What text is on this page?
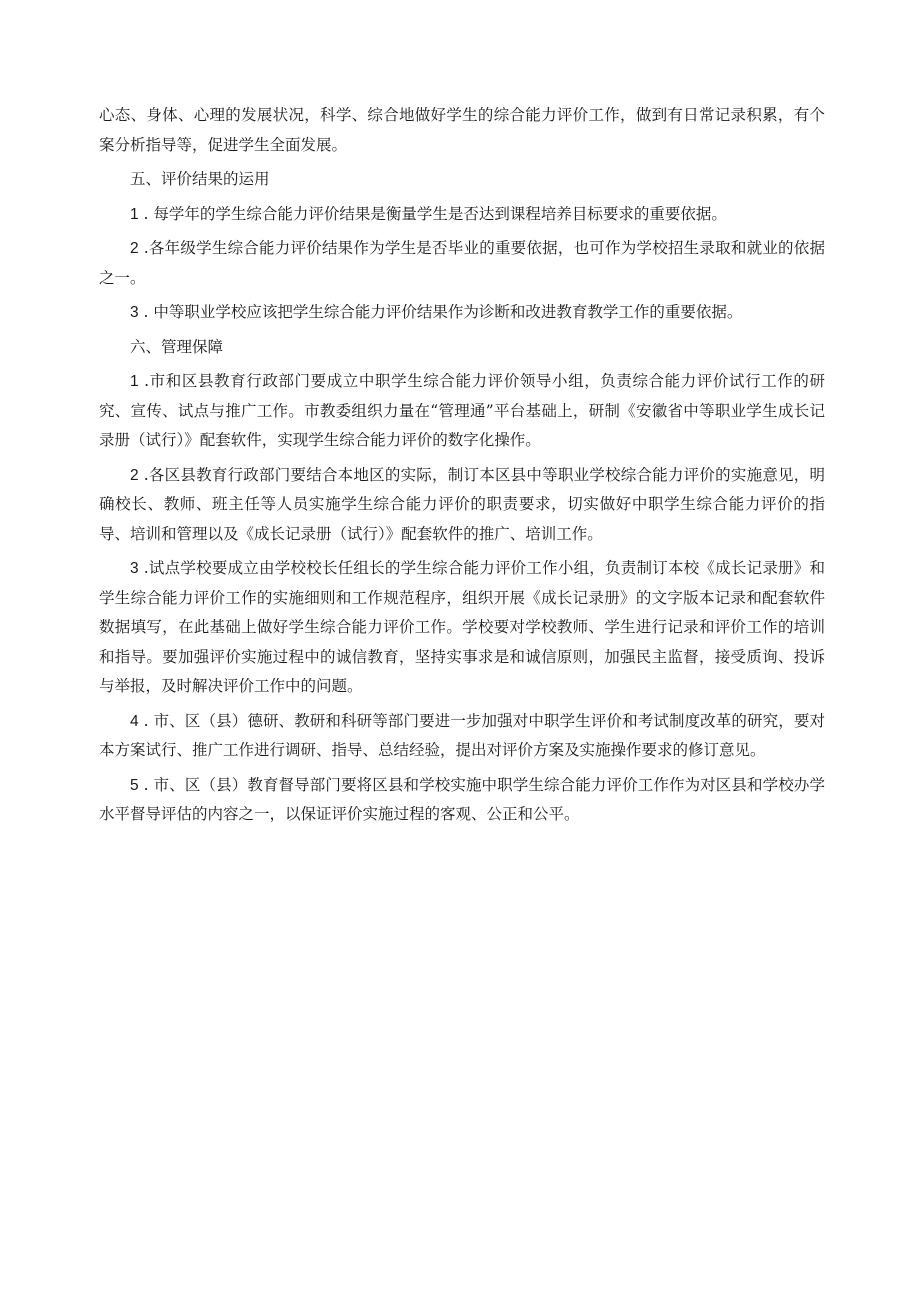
心态、身体、心理的发展状况，科学、综合地做好学生的综合能力评价工作，做到有日常记录积累，有个案分析指导等，促进学生全面发展。

五、评价结果的运用

1 . 每学年的学生综合能力评价结果是衡量学生是否达到课程培养目标要求的重要依据。

2 .各年级学生综合能力评价结果作为学生是否毕业的重要依据，也可作为学校招生录取和就业的依据之一。

3 . 中等职业学校应该把学生综合能力评价结果作为诊断和改进教育教学工作的重要依据。

六、管理保障

1 .市和区县教育行政部门要成立中职学生综合能力评价领导小组，负责综合能力评价试行工作的研究、宣传、试点与推广工作。市教委组织力量在“管理通”平台基础上，研制《安徽省中等职业学生成长记录册（试行）》配套软件，实现学生综合能力评价的数字化操作。

2 .各区县教育行政部门要结合本地区的实际，制订本区县中等职业学校综合能力评价的实施意见，明确校长、教师、班主任等人员实施学生综合能力评价的职责要求，切实做好中职学生综合能力评价的指导、培训和管理以及《成长记录册（试行）》配套软件的推广、培训工作。

3 .试点学校要成立由学校校长任组长的学生综合能力评价工作小组，负责制订本校《成长记录册》和学生综合能力评价工作的实施细则和工作规范程序，组织开展《成长记录册》的文字版本记录和配套软件数据填写，在此基础上做好学生综合能力评价工作。学校要对学校教师、学生进行记录和评价工作的培训和指导。要加强评价实施过程中的诚信教育，坚持实事求是和诚信原则，加强民主监督，接受质询、投诉与举报，及时解决评价工作中的问题。

4 . 市、区（县）德研、教研和科研等部门要进一步加强对中职学生评价和考试制度改革的研究，要对本方案试行、推广工作进行调研、指导、总结经验，提出对评价方案及实施操作要求的修订意见。

5 . 市、区（县）教育督导部门要将区县和学校实施中职学生综合能力评价工作作为对区县和学校办学水平督导评估的内容之一，以保证评价实施过程的客观、公正和公平。
